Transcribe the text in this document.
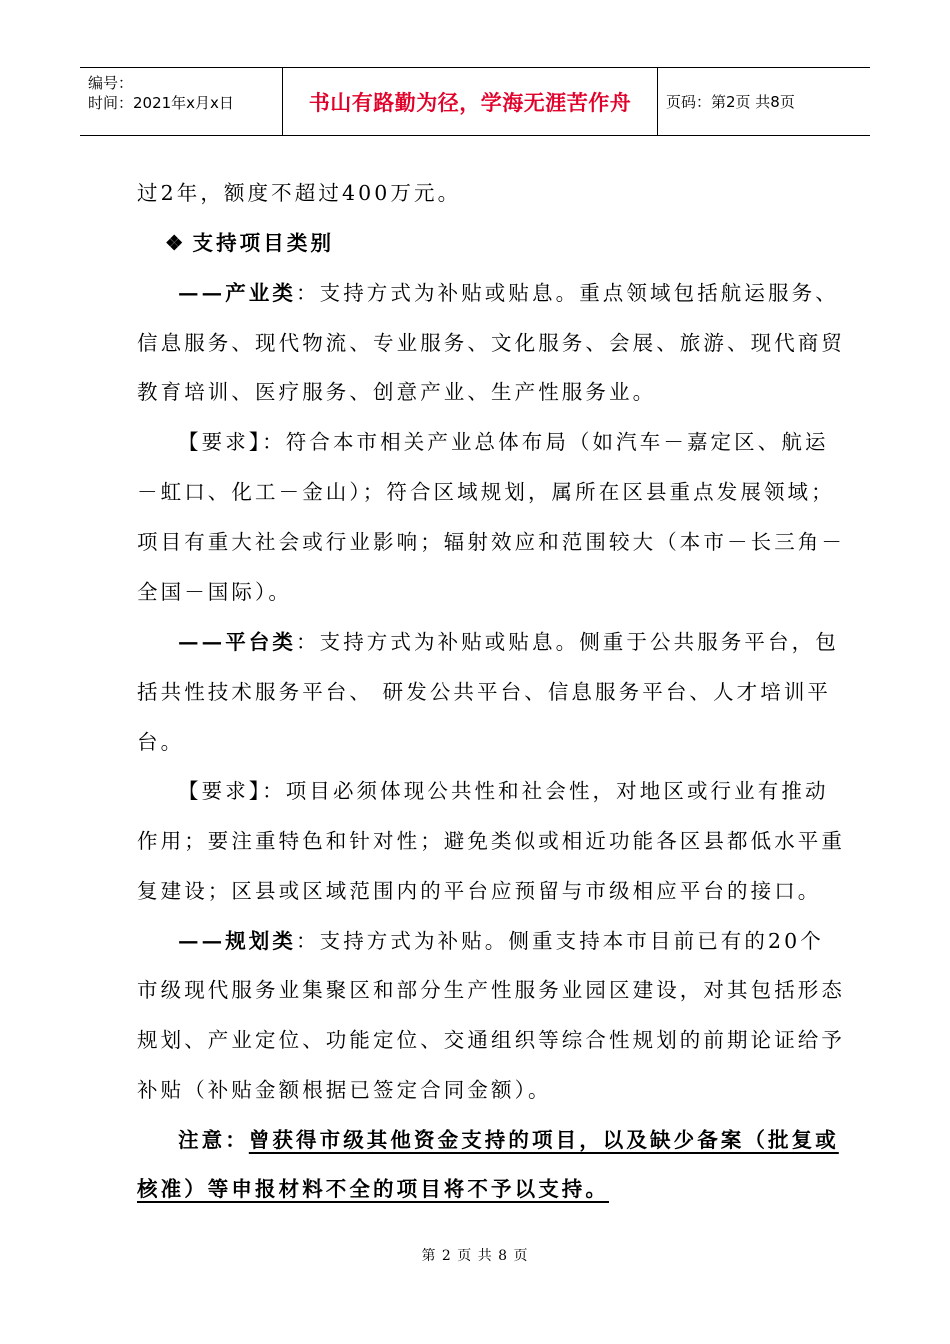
编号：
时间：2021年x月x日	书山有路勤为径，学海无涯苦作舟 页码：第2页 共8页
过2年，额度不超过400万元。
❖ 支持项目类别
——产业类：支持方式为补贴或贴息。重点领域包括航运服务、
信息服务、现代物流、专业服务、文化服务、会展、旅游、现代商贸
教育培训、医疗服务、创意产业、生产性服务业。
【要求】：符合本市相关产业总体布局（如汽车－嘉定区、航运
－虹口、化工－金山）；符合区域规划，属所在区县重点发展领域；
项目有重大社会或行业影响；辐射效应和范围较大（本市－长三角－
全国－国际）。
——平台类：支持方式为补贴或贴息。侧重于公共服务平台，包
括共性技术服务平台、 研发公共平台、信息服务平台、人才培训平
台。
【要求】：项目必须体现公共性和社会性，对地区或行业有推动
作用；要注重特色和针对性；避免类似或相近功能各区县都低水平重
复建设；区县或区域范围内的平台应预留与市级相应平台的接口。
——规划类：支持方式为补贴。侧重支持本市目前已有的20个
市级现代服务业集聚区和部分生产性服务业园区建设，对其包括形态
规划、产业定位、功能定位、交通组织等综合性规划的前期论证给予
补贴（补贴金额根据已签定合同金额）。
注意：曾获得市级其他资金支持的项目，以及缺少备案（批复或
核准）等申报材料不全的项目将不予以支持。
第 2 页 共 8 页
